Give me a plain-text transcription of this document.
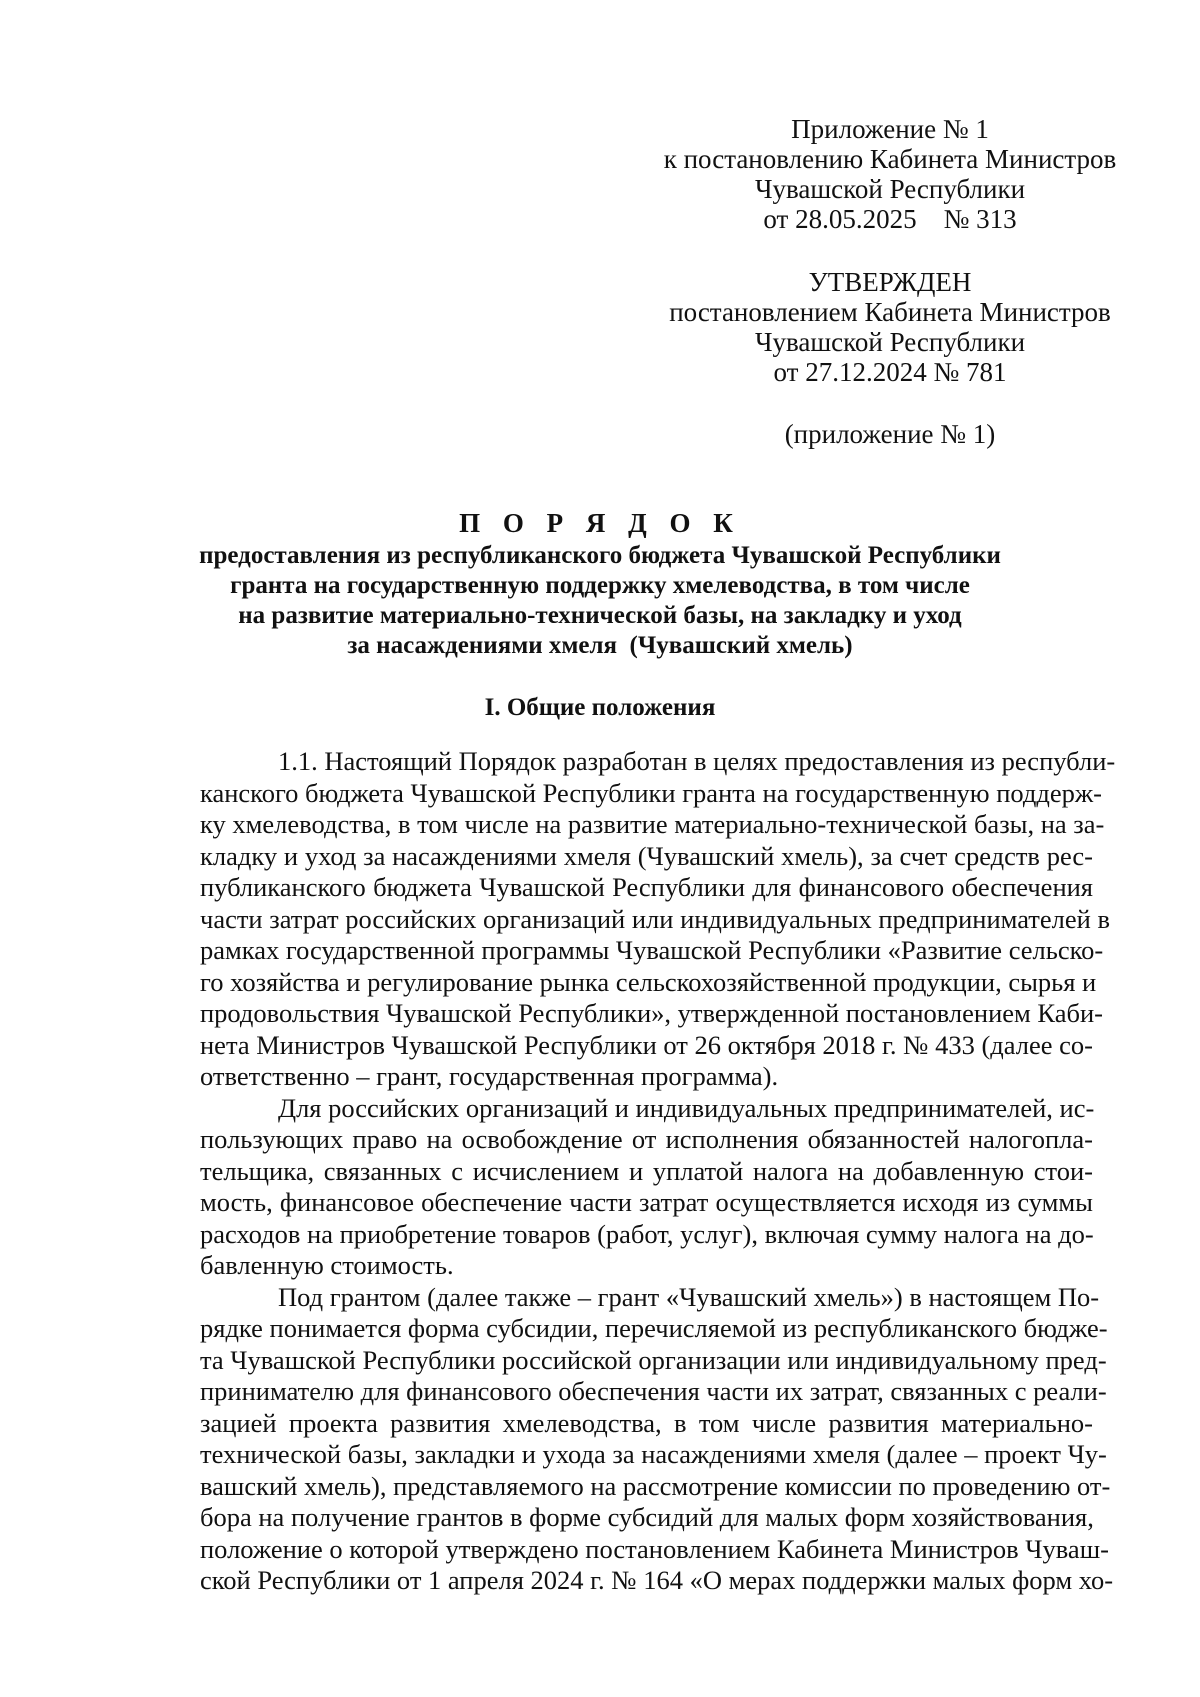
Приложение № 1
к постановлению Кабинета Министров
Чувашской Республики
от 28.05.2025    № 313
УТВЕРЖДЕН
постановлением Кабинета Министров
Чувашской Республики
от 27.12.2024 № 781
(приложение № 1)
П О Р Я Д О К
предоставления из республиканского бюджета Чувашской Республики
гранта на государственную поддержку хмелеводства, в том числе
на развитие материально-технической базы, на закладку и уход
за насаждениями хмеля  (Чувашский хмель)
I. Общие положения
1.1. Настоящий Порядок разработан в целях предоставления из республи-
канского бюджета Чувашской Республики гранта на государственную поддерж-
ку хмелеводства, в том числе на развитие материально-технической базы, на за-
кладку и уход за насаждениями хмеля (Чувашский хмель), за счет средств рес-
публиканского бюджета Чувашской Республики для финансового обеспечения
части затрат российских организаций или индивидуальных предпринимателей в
рамках государственной программы Чувашской Республики «Развитие сельско-
го хозяйства и регулирование рынка сельскохозяйственной продукции, сырья и
продовольствия Чувашской Республики», утвержденной постановлением Каби-
нета Министров Чувашской Республики от 26 октября 2018 г. № 433 (далее со-
ответственно – грант, государственная программа).
Для российских организаций и индивидуальных предпринимателей, ис-
пользующих право на освобождение от исполнения обязанностей налогопла-
тельщика, связанных с исчислением и уплатой налога на добавленную стои-
мость, финансовое обеспечение части затрат осуществляется исходя из суммы
расходов на приобретение товаров (работ, услуг), включая сумму налога на до-
бавленную стоимость.
Под грантом (далее также – грант «Чувашский хмель») в настоящем По-
рядке понимается форма субсидии, перечисляемой из республиканского бюдже-
та Чувашской Республики российской организации или индивидуальному пред-
принимателю для финансового обеспечения части их затрат, связанных с реали-
зацией проекта развития хмелеводства, в том числе развития материально-
технической базы, закладки и ухода за насаждениями хмеля (далее – проект Чу-
вашский хмель), представляемого на рассмотрение комиссии по проведению от-
бора на получение грантов в форме субсидий для малых форм хозяйствования,
положение о которой утверждено постановлением Кабинета Министров Чуваш-
ской Республики от 1 апреля 2024 г. № 164 «О мерах поддержки малых форм хо-
